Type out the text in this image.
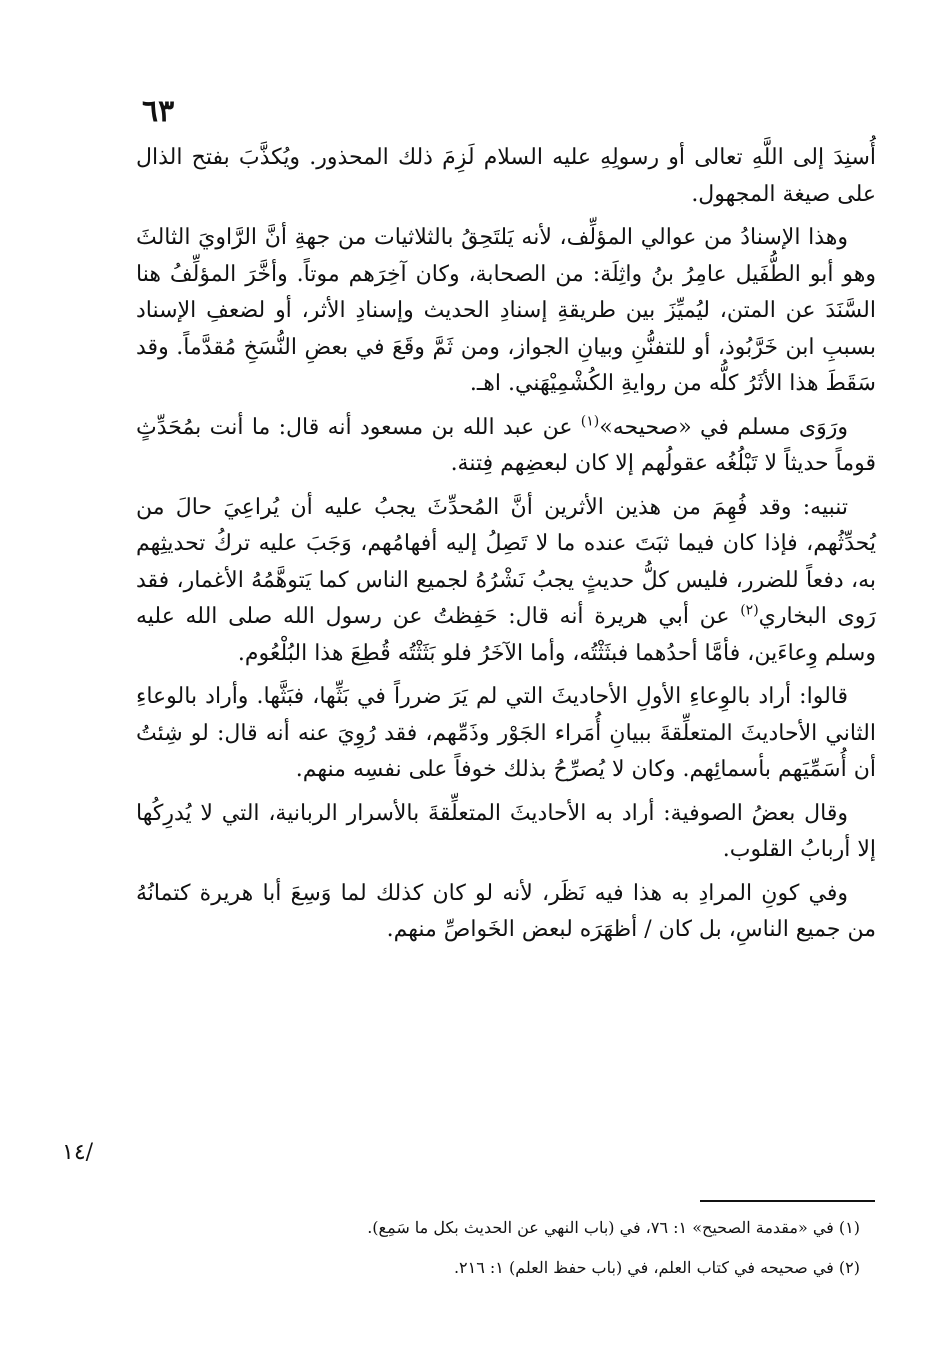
٦٣

أُسنِدَ إلى اللَّهِ تعالى أو رسولِهِ عليه السلام لَزِمَ ذلك المحذور. ويُكذَّبَ بفتح الذال على صيغة المجهول.

وهذا الإسنادُ من عوالي المؤلِّف، لأنه يَلتَحِقُ بالثلاثيات من جهةِ أنَّ الرَّاويَ الثالثَ وهو أبو الطُّفَيل عامِرُ بنُ واثِلَة: من الصحابة، وكان آخِرَهم موتاً. وأخَّرَ المؤلِّفُ هنا السَّنَدَ عن المتن، ليُميِّزَ بين طريقةِ إسنادِ الحديث وإسنادِ الأثر، أو لضعفِ الإسناد بسببِ ابن خَرَّبُوذ، أو للتفنُّنِ وبيانِ الجواز، ومن ثَمَّ وقَعَ في بعضِ النُّسَخِ مُقدَّماً. وقد سَقَطَ هذا الأثَرُ كلُّه من روايةِ الكُشْمِيْهَني. اهـ.

ورَوَى مسلم في «صحيحه»$^{(١)}$ عن عبد الله بن مسعود أنه قال: ما أنت بمُحَدِّثٍ قوماً حديثاً لا تَبْلُغُه عقولُهم إلا كان لبعضِهم فِتنة.

تنبيه: وقد فُهِمَ من هذين الأثرين أنَّ المُحدِّثَ يجبُ عليه أن يُراعِيَ حالَ من يُحدِّثُهم، فإذا كان فيما ثبَتَ عنده ما لا تَصِلُ إليه أفهامُهم، وَجَبَ عليه تركُ تحديثِهم به، دفعاً للضرر، فليس كلُّ حديثٍ يجبُ نَشْرُهُ لجميع الناس كما يَتوهَّمُهُ الأغمار، فقد رَوى البخاري$^{(٢)}$ عن أبي هريرة أنه قال: حَفِظتُ عن رسول الله صلى الله عليه وسلم وِعاءَين، فأمَّا أحدُهما فبثَثْتُه، وأما الآخَرُ فلو بَثَثْتُه قُطِعَ هذا البُلْعُوم.

قالوا: أراد بالوِعاءِ الأولِ الأحاديثَ التي لم يَرَ ضرراً في بَثِّها، فبَثَّها. وأراد بالوعاءِ الثاني الأحاديثَ المتعلِّقةَ ببيانِ أُمَراء الجَوْر وذَمِّهم، فقد رُوِيَ عنه أنه قال: لو شِئتُ أن أُسَمِّيَهم بأسمائِهم. وكان لا يُصرِّحُ بذلك خوفاً على نفسِه منهم.

وقال بعضُ الصوفية: أراد به الأحاديثَ المتعلِّقةَ بالأسرار الربانية، التي لا يُدرِكُها إلا أربابُ القلوب.

وفي كونِ المرادِ به هذا فيه نَظَر، لأنه لو كان كذلك لما وَسِعَ أبا هريرة كتمانُهُ من جميع الناسِ، بل كان / أظهَرَه لبعض الخَواصِّ منهم.

/١٤

(١) في «مقدمة الصحيح» ١: ٧٦، في (باب النهي عن الحديث بكل ما سَمِع).

(٢) في صحيحه في كتاب العلم، في (باب حفظ العلم) ١: ٢١٦.
